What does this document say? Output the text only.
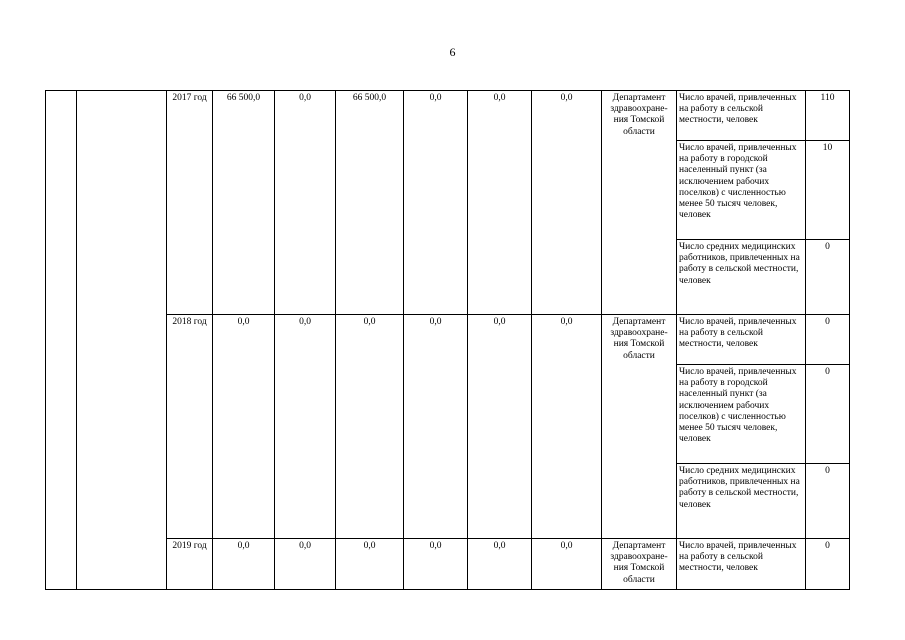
6
		2017 год	66 500,0	0,0	66 500,0	0,0	0,0	0,0	Департамент здравоохране-ния Томской области	Число врачей, привлеченных на работу в сельской местности, человек	110
										Число врачей, привлеченных на работу в городской населенный пункт (за исключением рабочих поселков) с численностью менее 50 тысяч человек, человек	10
										Число средних медицинских работников, привлеченных на работу в сельской местности, человек	0
		2018 год	0,0	0,0	0,0	0,0	0,0	0,0	Департамент здравоохране-ния Томской области	Число врачей, привлеченных на работу в сельской местности, человек	0
										Число врачей, привлеченных на работу в городской населенный пункт (за исключением рабочих поселков) с численностью менее 50 тысяч человек, человек	0
										Число средних медицинских работников, привлеченных на работу в сельской местности, человек	0
		2019 год	0,0	0,0	0,0	0,0	0,0	0,0	Департамент здравоохране-ния Томской области	Число врачей, привлеченных на работу в сельской местности, человек	0
